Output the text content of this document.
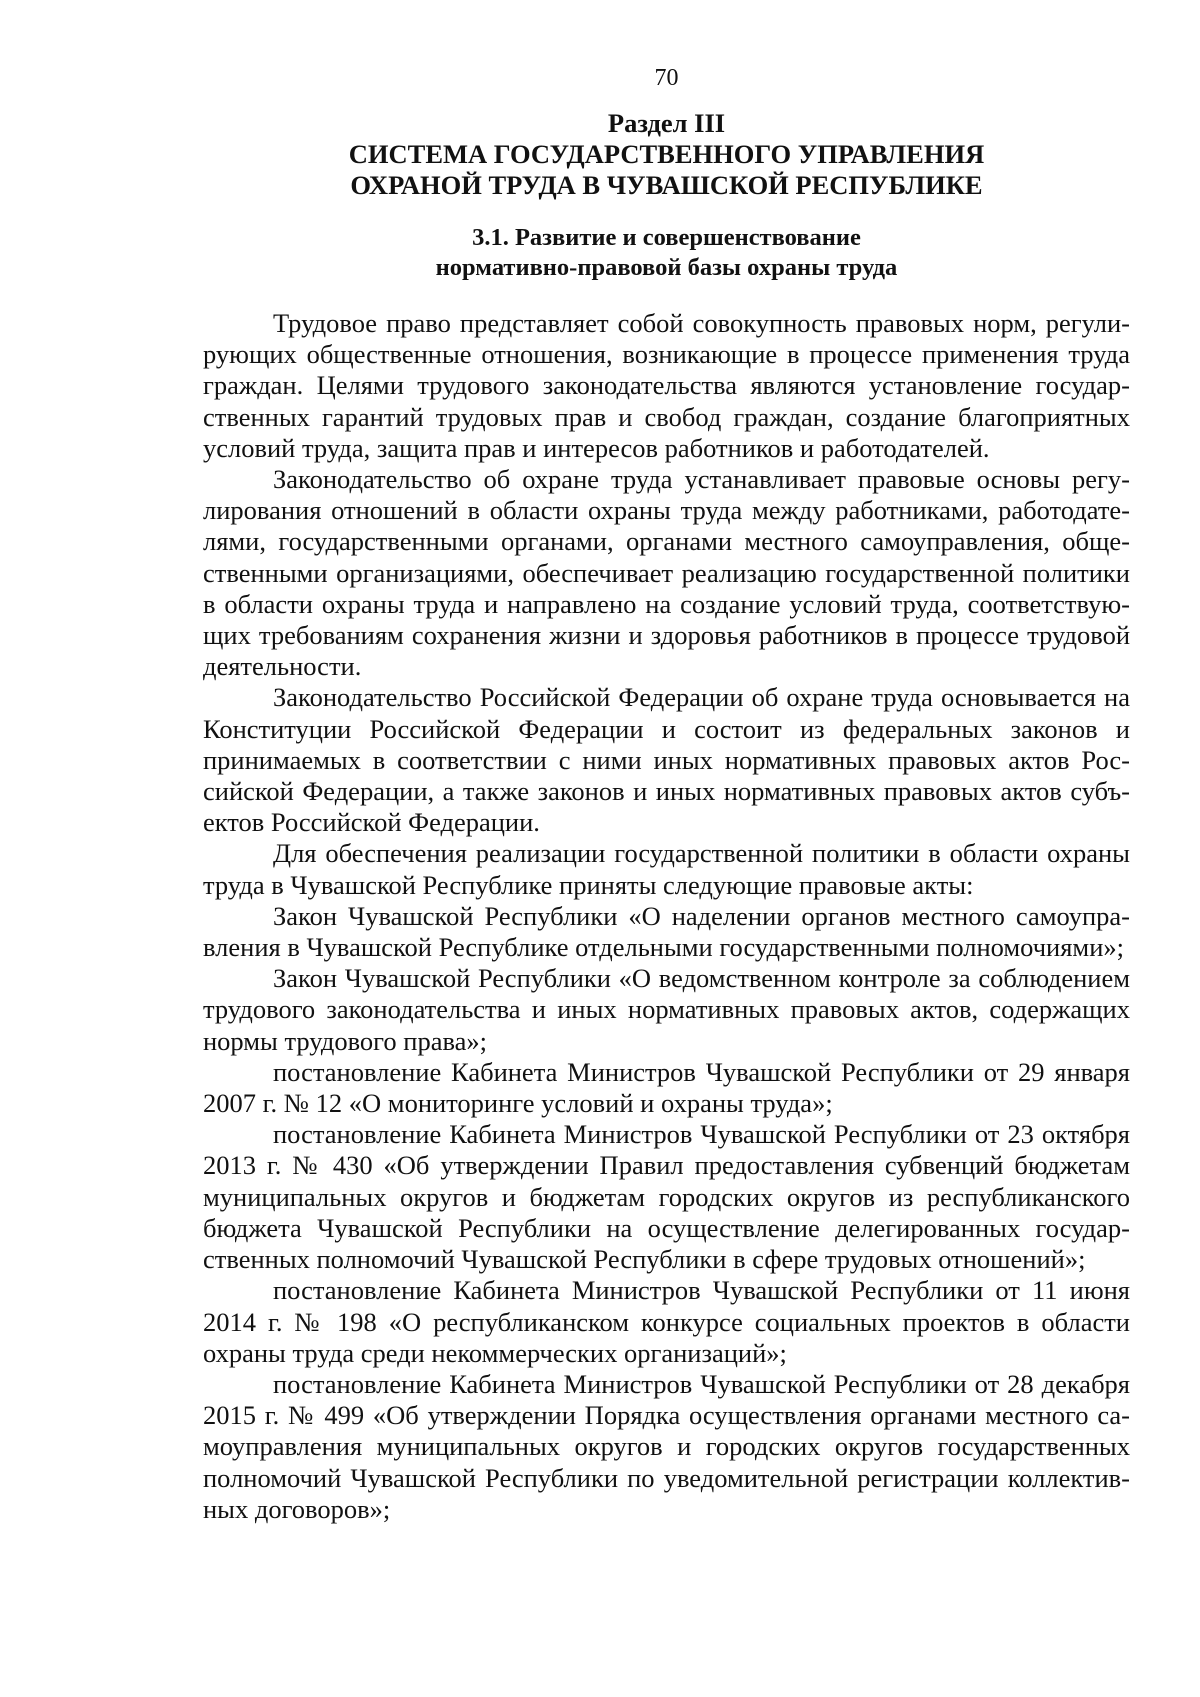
70
Раздел III
СИСТЕМА ГОСУДАРСТВЕННОГО УПРАВЛЕНИЯ
ОХРАНОЙ ТРУДА В ЧУВАШСКОЙ РЕСПУБЛИКЕ
3.1. Развитие и совершенствование
нормативно-правовой базы охраны труда

Трудовое право представляет собой совокупность правовых норм, регулирующих общественные отношения, возникающие в процессе применения труда граждан. Целями трудового законодательства являются установление государственных гарантий трудовых прав и свобод граждан, создание благоприятных условий труда, защита прав и интересов работников и работодателей.

Законодательство об охране труда устанавливает правовые основы регулирования отношений в области охраны труда между работниками, работодателями, государственными органами, органами местного самоуправления, общественными организациями, обеспечивает реализацию государственной политики в области охраны труда и направлено на создание условий труда, соответствующих требованиям сохранения жизни и здоровья работников в процессе трудовой деятельности.

Законодательство Российской Федерации об охране труда основывается на Конституции Российской Федерации и состоит из федеральных законов и принимаемых в соответствии с ними иных нормативных правовых актов Российской Федерации, а также законов и иных нормативных правовых актов субъектов Российской Федерации.

Для обеспечения реализации государственной политики в области охраны труда в Чувашской Республике приняты следующие правовые акты:

Закон Чувашской Республики «О наделении органов местного самоуправления в Чувашской Республике отдельными государственными полномочиями»;

Закон Чувашской Республики «О ведомственном контроле за соблюдением трудового законодательства и иных нормативных правовых актов, содержащих нормы трудового права»;

постановление Кабинета Министров Чувашской Республики от 29 января 2007 г. № 12 «О мониторинге условий и охраны труда»;

постановление Кабинета Министров Чувашской Республики от 23 октября 2013 г. № 430 «Об утверждении Правил предоставления субвенций бюджетам муниципальных округов и бюджетам городских округов из республиканского бюджета Чувашской Республики на осуществление делегированных государственных полномочий Чувашской Республики в сфере трудовых отношений»;

постановление Кабинета Министров Чувашской Республики от 11 июня 2014 г. № 198 «О республиканском конкурсе социальных проектов в области охраны труда среди некоммерческих организаций»;

постановление Кабинета Министров Чувашской Республики от 28 декабря 2015 г. № 499 «Об утверждении Порядка осуществления органами местного самоуправления муниципальных округов и городских округов государственных полномочий Чувашской Республики по уведомительной регистрации коллективных договоров»;
